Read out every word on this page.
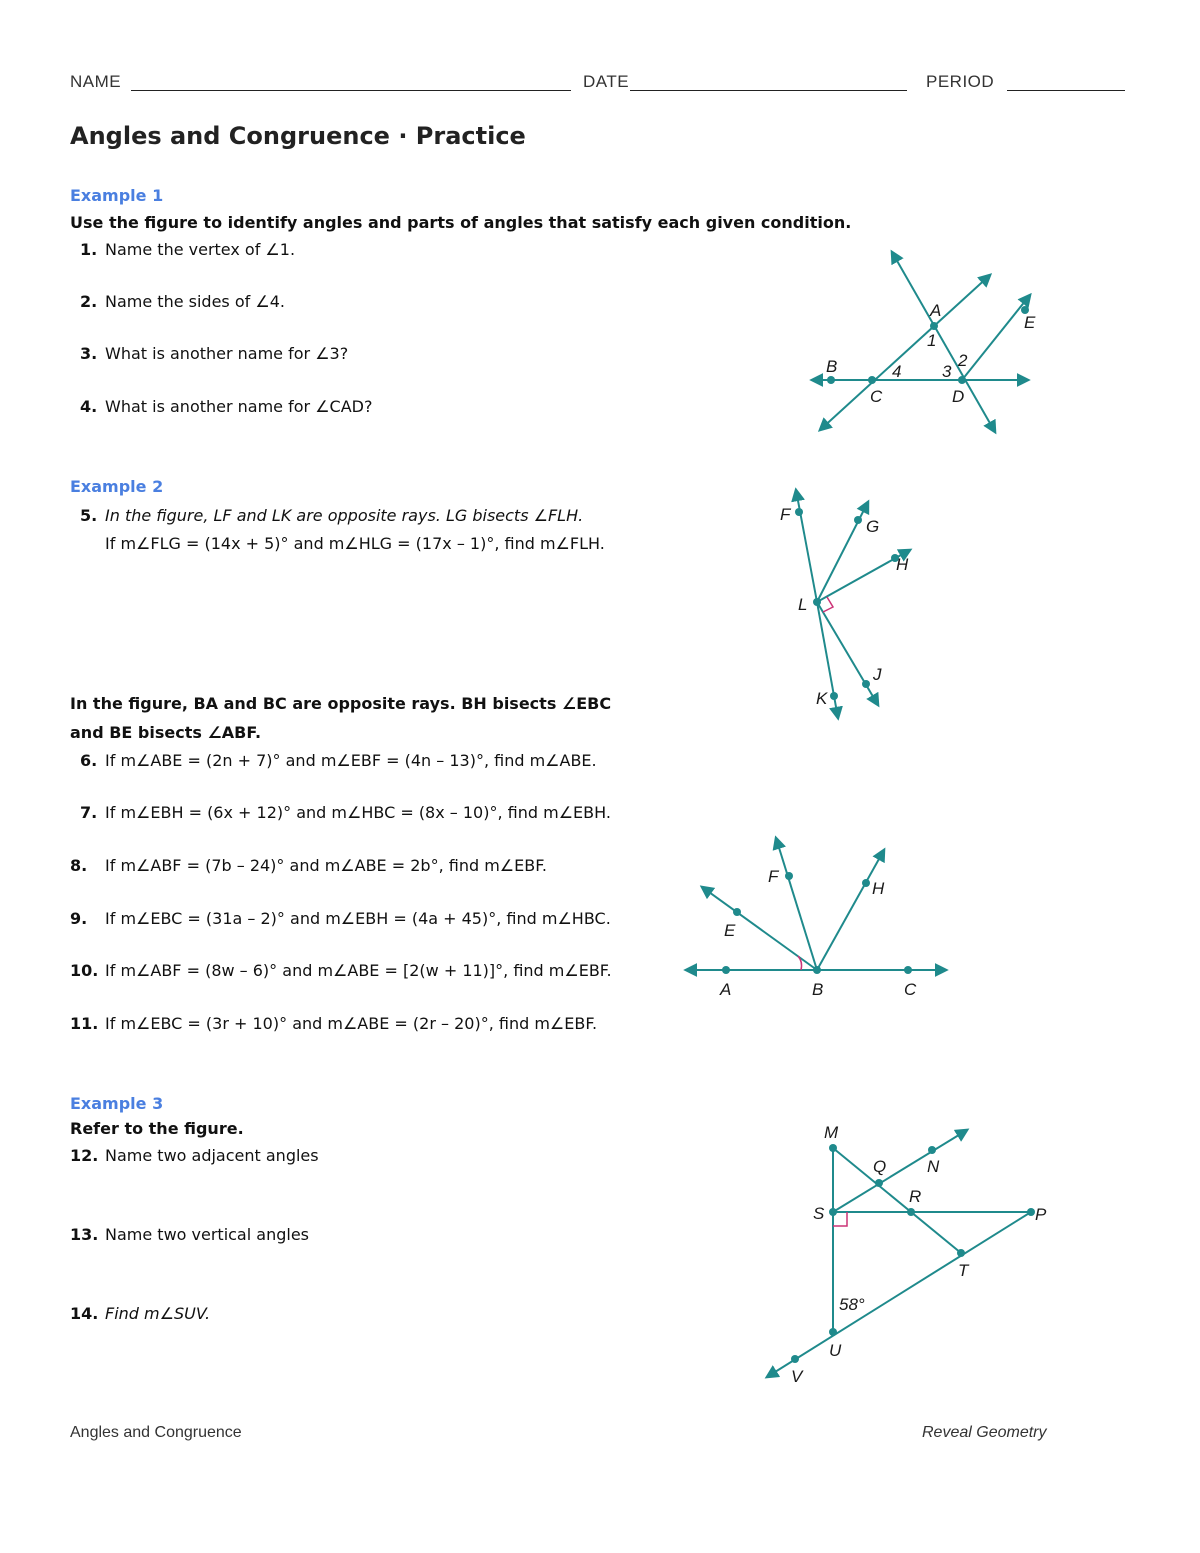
NAME	DATE	PERIOD
Angles and Congruence · Practice
Example 1
Use the figure to identify angles and parts of angles that satisfy each given condition.
1. Name the vertex of ∠1.
2. Name the sides of ∠4.
3. What is another name for ∠3?
4. What is another name for ∠CAD?
B
C	D
A
E
1
2
3
4
Example 2
5. In the figure, LF and LK are opposite rays. LG bisects ∠FLH.
If m∠FLG = (14x + 5)° and m∠HLG = (17x – 1)°, find m∠FLH.
F
G
H
L
J
K
In the figure, BA and BC are opposite rays. BH bisects ∠EBC
and BE bisects ∠ABF.
6. If m∠ABE = (2n + 7)° and m∠EBF = (4n – 13)°, find m∠ABE.
7. If m∠EBH = (6x + 12)° and m∠HBC = (8x – 10)°, find m∠EBH.
8. If m∠ABF = (7b – 24)° and m∠ABE = 2b°, find m∠EBF.
9. If m∠EBC = (31a – 2)° and m∠EBH = (4a + 45)°, find m∠HBC.
10. If m∠ABF = (8w – 6)° and m∠ABE = [2(w + 11)]°, find m∠EBF.
11. If m∠EBC = (3r + 10)° and m∠ABE = (2r – 20)°, find m∠EBF.
A	B	C
E
F
H
Example 3
Refer to the figure.
12. Name two adjacent angles
13. Name two vertical angles
14. Find m∠SUV.
M
Q N
R
S	P
T
U
V
58°
Angles and Congruence	Reveal Geometry
